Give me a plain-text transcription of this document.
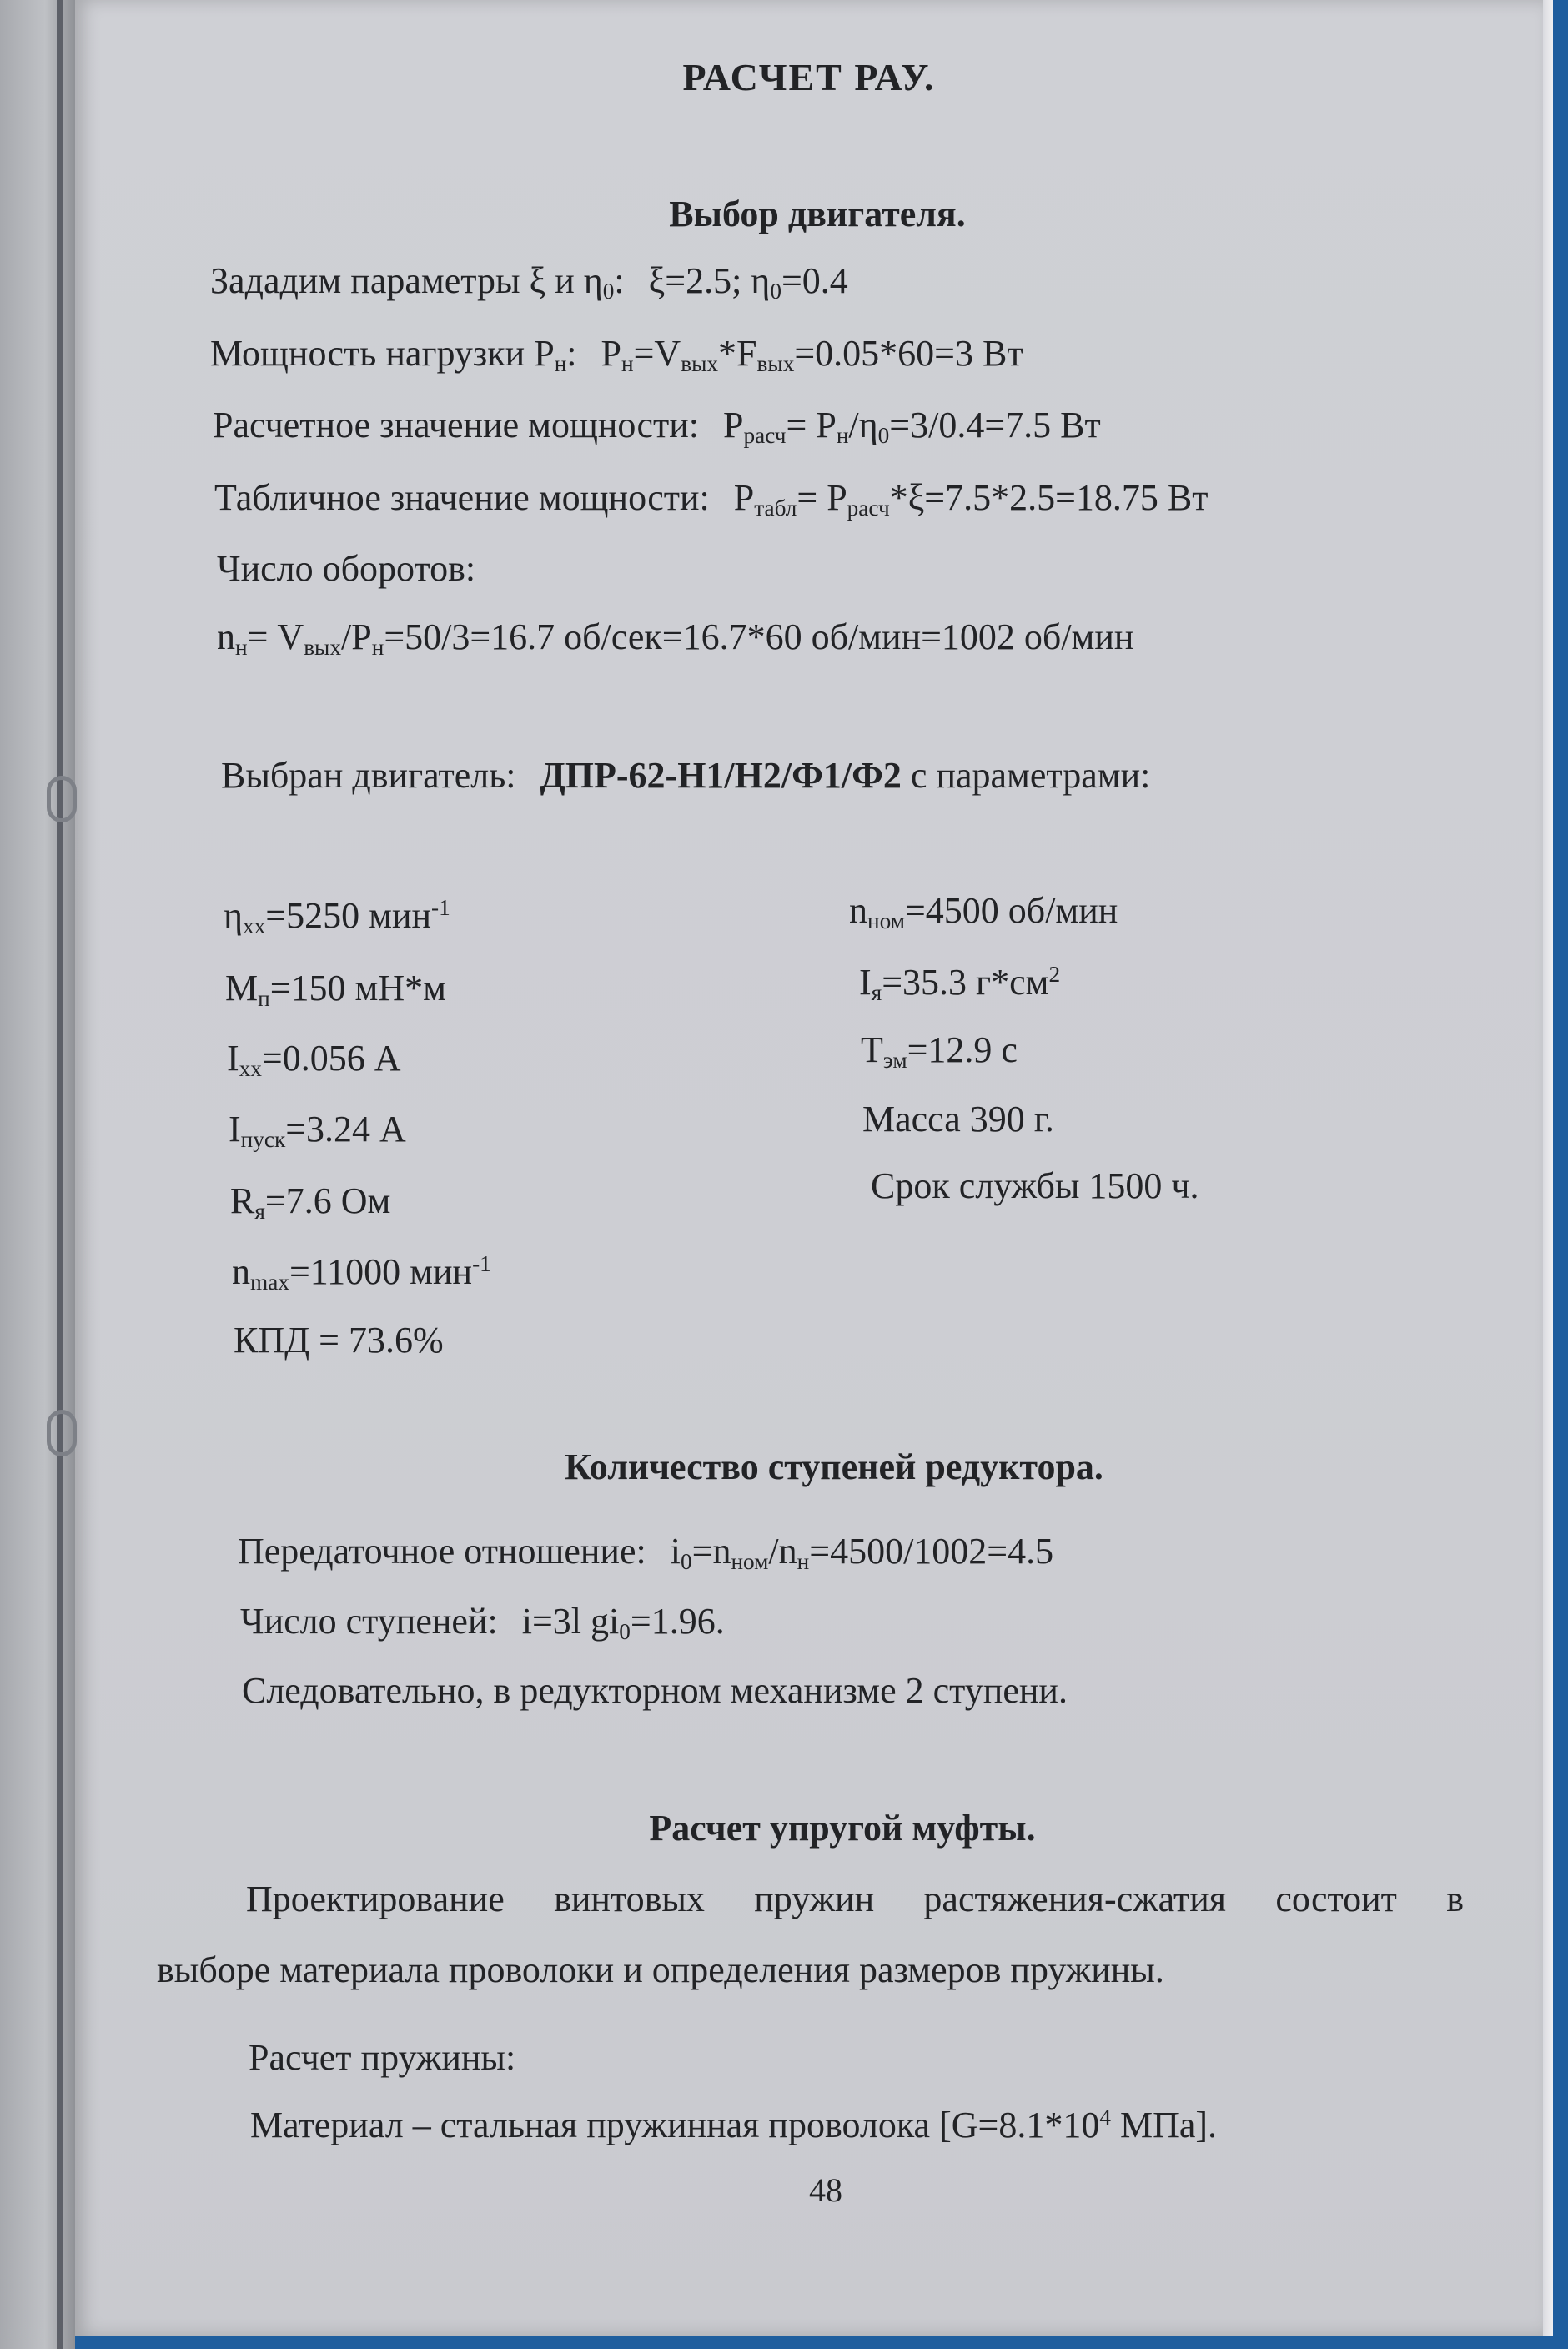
РАСЧЕТ РАУ.
Выбор двигателя.
Зададим параметры ξ и $\eta_0$: ξ=2.5; $\eta_0=0.4$
Мощность нагрузки $Р_н$: $Р_н=V_{вых}*F_{вых}=0.05*60=3$ Вт
Расчетное значение мощности: $Р_{расч}= Р_н/\eta_0=3/0.4=7.5$ Вт
Табличное значение мощности: $Р_{табл}= Р_{расч}*\xi=7.5*2.5=18.75$ Вт
Число оборотов:
$n_н= V_{вых}/Р_н=50/3=16.7$ об/сек=16.7*60 об/мин=1002 об/мин
Выбран двигатель: ДПР-62-Н1/Н2/Ф1/Ф2 с параметрами:
$\eta_{хх}=5250$ мин$^{-1}$
$М_п=150$ мН*м
$I_{хх}=0.056$ А
$I_{пуск}=3.24$ А
$R_я=7.6$ Ом
$n_{max}=11000$ мин$^{-1}$
КПД = 73.6%
$n_{ном}=4500$ об/мин
$I_я=35.3$ $г*см^2$
$Т_{эм}=12.9$ с
Масса 390 г.
Срок службы 1500 ч.
Количество ступеней редуктора.
Передаточное отношение: $i_0=n_{ном}/n_н=4500/1002=4.5$
Число ступеней: i=3l $gi_0=1.96$.
Следовательно, в редукторном механизме 2 ступени.
Расчет упругой муфты.
Проектирование винтовых пружин растяжения-сжатия состоит в
выборе материала проволоки и определения размеров пружины.
Расчет пружины:
Материал – стальная пружинная проволока [$G=8.1*10^4$ МПа].
48
